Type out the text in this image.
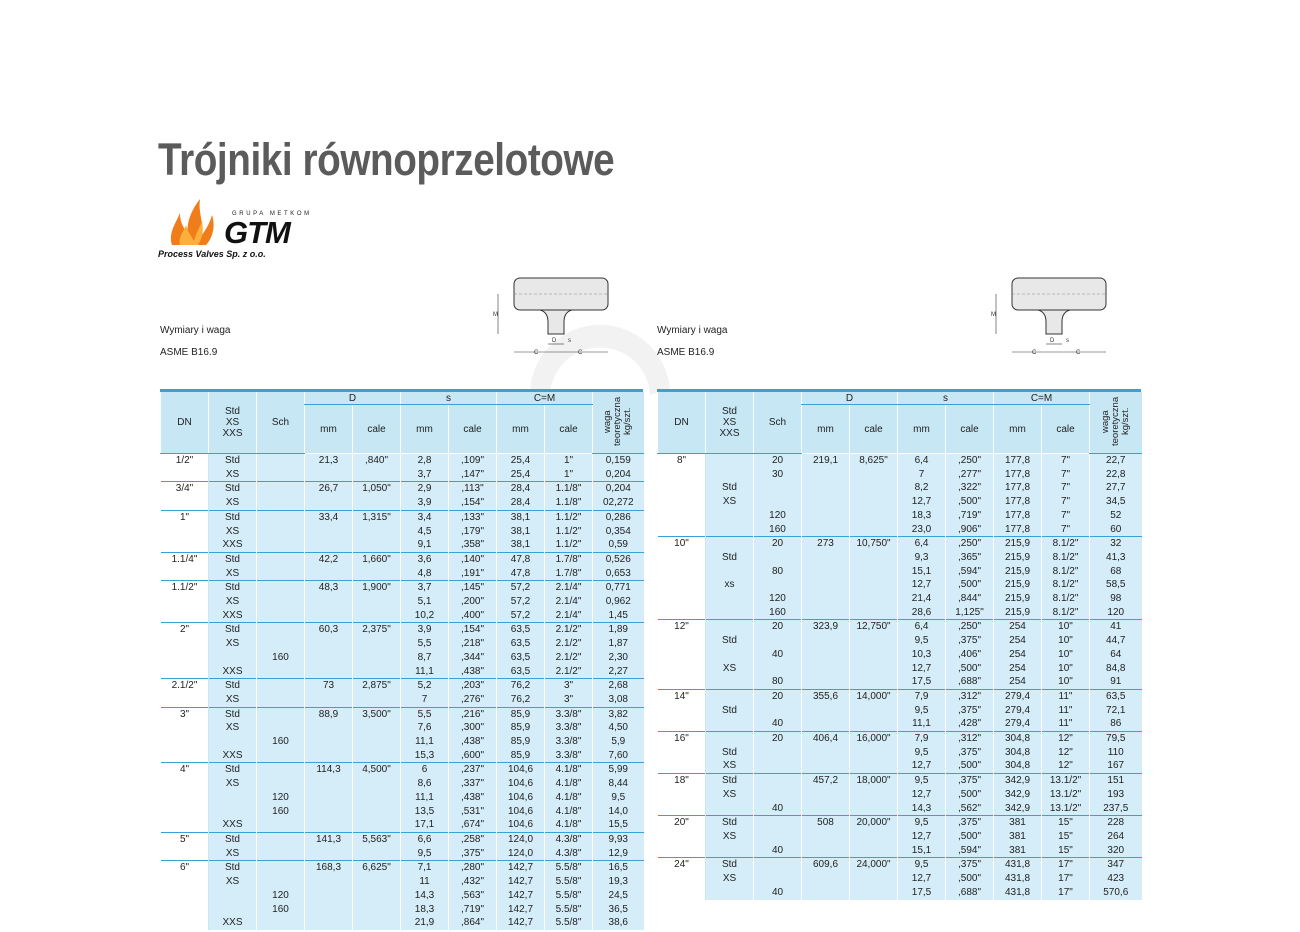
Trójniki równoprzelotowe
GRUPA METKOM
GTM
Process Valves Sp. z o.o.
Wymiary i waga
ASME B16.9
Wymiary i waga
ASME B16.9
M
D s
C	C
M
D s
C	C
DN	Std
XS
XXS	Sch	D		s		C=M		waga teoretyczna kg/szt.
			mm	cale	mm	cale	mm	cale	
1/2"	Std		21,3	,840"	2,8	,109"	25,4	1"	0,159
	XS				3,7	,147"	25,4	1"	0,204
3/4"	Std		26,7	1,050"	2,9	,113"	28,4	1.1/8"	0,204
	XS				3,9	,154"	28,4	1.1/8"	02,272
1"	Std		33,4	1,315"	3,4	,133"	38,1	1.1/2"	0,286
	XS				4,5	,179"	38,1	1.1/2"	0,354
	XXS				9,1	,358"	38,1	1.1/2"	0,59
1.1/4"	Std		42,2	1,660"	3,6	,140"	47,8	1.7/8"	0,526
	XS				4,8	,191"	47,8	1.7/8"	0,653
1.1/2"	Std		48,3	1,900"	3,7	,145"	57,2	2.1/4"	0,771
	XS				5,1	,200"	57,2	2.1/4"	0,962
	XXS				10,2	,400"	57,2	2.1/4"	1,45
2"	Std		60,3	2,375"	3,9	,154"	63,5	2.1/2"	1,89
	XS				5,5	,218"	63,5	2.1/2"	1,87
		160			8,7	,344"	63,5	2.1/2"	2,30
	XXS				11,1	,438"	63,5	2.1/2"	2,27
2.1/2"	Std		73	2,875"	5,2	,203"	76,2	3"	2,68
	XS				7	,276"	76,2	3"	3,08
3"	Std		88,9	3,500"	5,5	,216"	85,9	3.3/8"	3,82
	XS				7,6	,300"	85,9	3.3/8"	4,50
		160			11,1	,438"	85,9	3.3/8"	5,9
	XXS				15,3	,600"	85,9	3.3/8"	7,60
4"	Std		114,3	4,500"	6	,237"	104,6	4.1/8"	5,99
	XS				8,6	,337"	104,6	4.1/8"	8,44
		120			11,1	,438"	104,6	4.1/8"	9,5
		160			13,5	,531"	104,6	4.1/8"	14,0
	XXS				17,1	,674"	104,6	4.1/8"	15,5
5"	Std		141,3	5,563"	6,6	,258"	124,0	4.3/8"	9,93
	XS				9,5	,375"	124,0	4.3/8"	12,9
6"	Std		168,3	6,625"	7,1	,280"	142,7	5.5/8"	16,5
	XS				11	,432"	142,7	5.5/8"	19,3
		120			14,3	,563"	142,7	5.5/8"	24,5
		160			18,3	,719"	142,7	5.5/8"	36,5
	XXS				21,9	,864"	142,7	5.5/8"	38,6
DN	Std
XS
XXS	Sch	D		s		C=M		waga teoretyczna kg/szt.
			mm	cale	mm	cale	mm	cale	
8"		20	219,1	8,625"	6,4	,250"	177,8	7"	22,7
		30			7	,277"	177,8	7"	22,8
	Std				8,2	,322"	177,8	7"	27,7
	XS				12,7	,500"	177,8	7"	34,5
		120			18,3	,719"	177,8	7"	52
		160			23,0	,906"	177,8	7"	60
10"		20	273	10,750"	6,4	,250"	215,9	8.1/2"	32
	Std				9,3	,365"	215,9	8.1/2"	41,3
		80			15,1	,594"	215,9	8.1/2"	68
	xs				12,7	,500"	215,9	8.1/2"	58,5
		120			21,4	,844"	215,9	8.1/2"	98
		160			28,6	1,125"	215,9	8.1/2"	120
12"		20	323,9	12,750"	6,4	,250"	254	10"	41
	Std				9,5	,375"	254	10"	44,7
		40			10,3	,406"	254	10"	64
	XS				12,7	,500"	254	10"	84,8
		80			17,5	,688"	254	10"	91
14"		20	355,6	14,000"	7,9	,312"	279,4	11"	63,5
	Std				9,5	,375"	279,4	11"	72,1
		40			11,1	,428"	279,4	11"	86
16"		20	406,4	16,000"	7,9	,312"	304,8	12"	79,5
	Std				9,5	,375"	304,8	12"	110
	XS				12,7	,500"	304,8	12"	167
18"	Std		457,2	18,000"	9,5	,375"	342,9	13.1/2"	151
	XS				12,7	,500"	342,9	13.1/2"	193
		40			14,3	,562"	342,9	13.1/2"	237,5
20"	Std		508	20,000"	9,5	,375"	381	15"	228
	XS				12,7	,500"	381	15"	264
		40			15,1	,594"	381	15"	320
24"	Std		609,6	24,000"	9,5	,375"	431,8	17"	347
	XS				12,7	,500"	431,8	17"	423
		40			17,5	,688"	431,8	17"	570,6
